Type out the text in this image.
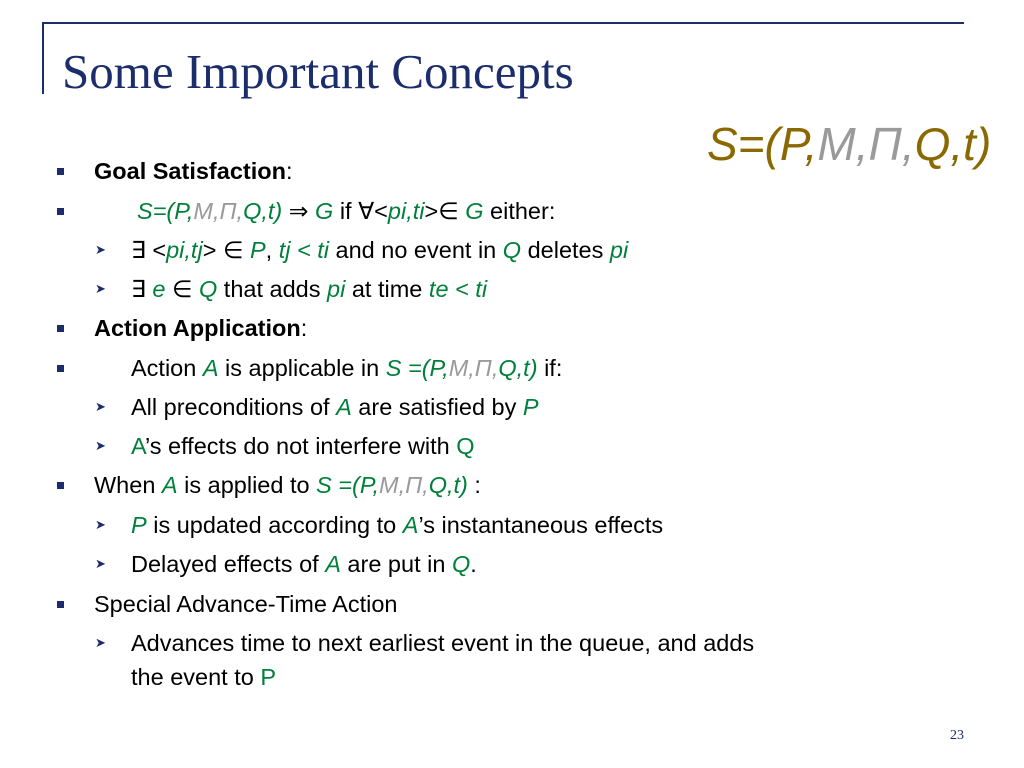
Some Important Concepts
S=(P,M,Π,Q,t)
Goal Satisfaction:
S=(P,M,Π,Q,t) ⇒ G if ∀<pi,ti>∈ G either:
➤ ∃ <pi,tj> ∈ P, tj < ti and no event in Q deletes pi
➤ ∃ e ∈ Q that adds pi at time te < ti
Action Application:
Action A is applicable in S =(P,M,Π,Q,t) if:
➤ All preconditions of A are satisfied by P
➤ A’s effects do not interfere with Q
When A is applied to S =(P,M,Π,Q,t) :
➤ P is updated according to A’s instantaneous effects
➤ Delayed effects of A are put in Q.
Special Advance-Time Action
➤ Advances time to next earliest event in the queue, and adds
the event to P
23
